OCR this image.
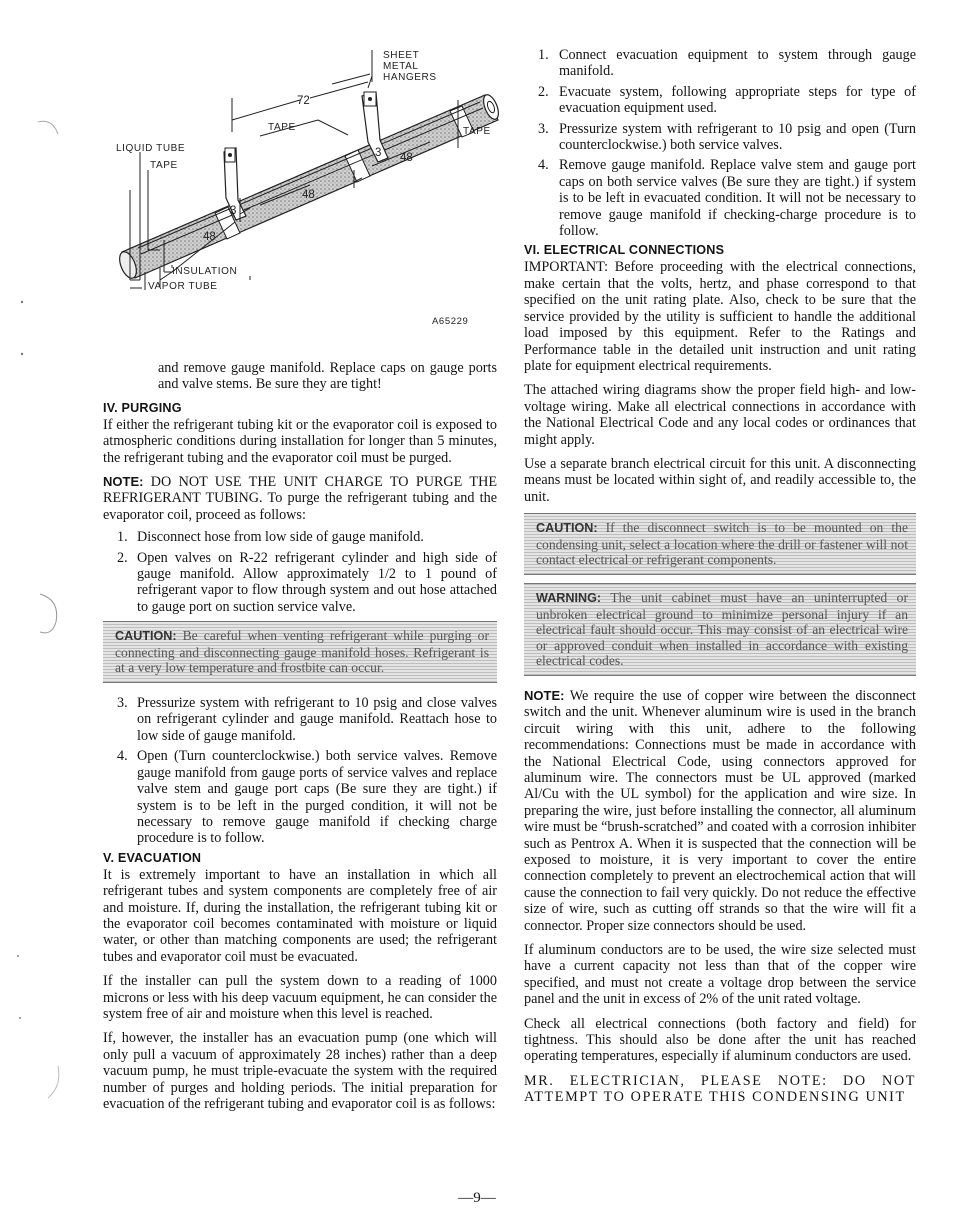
SHEET
METAL
HANGERS
72
TAPE	TAPE
LIQUID TUBE	3 48
TAPE
48
3
48
INSULATION
VAPOR TUBE
A65229
and remove gauge manifold. Replace caps on gauge ports and valve stems. Be sure they are tight!
IV. PURGING

If either the refrigerant tubing kit or the evaporator coil is exposed to atmospheric conditions during installation for longer than 5 minutes, the refrigerant tubing and the evaporator coil must be purged.

NOTE: DO NOT USE THE UNIT CHARGE TO PURGE THE REFRIGERANT TUBING. To purge the refrigerant tubing and the evaporator coil, proceed as follows:

1. Disconnect hose from low side of gauge manifold.
2. Open valves on R-22 refrigerant cylinder and high side of gauge manifold. Allow approximately 1/2 to 1 pound of refrigerant vapor to flow through system and out hose attached to gauge port on suction service valve.
CAUTION: Be careful when venting refrigerant while purging or connecting and disconnecting gauge manifold hoses. Refrigerant is at a very low temperature and frostbite can occur.
3. Pressurize system with refrigerant to 10 psig and close valves on refrigerant cylinder and gauge manifold. Reattach hose to low side of gauge manifold.
4. Open (Turn counterclockwise.) both service valves. Remove gauge manifold from gauge ports of service valves and replace valve stem and gauge port caps (Be sure they are tight.) if system is to be left in the purged condition, it will not be necessary to remove gauge manifold if checking charge procedure is to follow.
V. EVACUATION

It is extremely important to have an installation in which all refrigerant tubes and system components are completely free of air and moisture. If, during the installation, the refrigerant tubing kit or the evaporator coil becomes contaminated with moisture or liquid water, or other than matching components are used; the refrigerant tubes and evaporator coil must be evacuated.

If the installer can pull the system down to a reading of 1000 microns or less with his deep vacuum equipment, he can consider the system free of air and moisture when this level is reached.

If, however, the installer has an evacuation pump (one which will only pull a vacuum of approximately 28 inches) rather than a deep vacuum pump, he must triple-evacuate the system with the required number of purges and holding periods. The initial preparation for evacuation of the refrigerant tubing and evaporator coil is as follows:

1. Connect evacuation equipment to system through gauge manifold.
2. Evacuate system, following appropriate steps for type of evacuation equipment used.
3. Pressurize system with refrigerant to 10 psig and open (Turn counterclockwise.) both service valves.
4. Remove gauge manifold. Replace valve stem and gauge port caps on both service valves (Be sure they are tight.) if system is to be left in evacuated condition. It will not be necessary to remove gauge manifold if checking-charge procedure is to follow.
VI. ELECTRICAL CONNECTIONS

IMPORTANT: Before proceeding with the electrical connections, make certain that the volts, hertz, and phase correspond to that specified on the unit rating plate. Also, check to be sure that the service provided by the utility is sufficient to handle the additional load imposed by this equipment. Refer to the Ratings and Performance table in the detailed unit instruction and unit rating plate for equipment electrical requirements.

The attached wiring diagrams show the proper field high- and low-voltage wiring. Make all electrical connections in accordance with the National Electrical Code and any local codes or ordinances that might apply.

Use a separate branch electrical circuit for this unit. A disconnecting means must be located within sight of, and readily accessible to, the unit.

CAUTION: If the disconnect switch is to be mounted on the condensing unit, select a location where the drill or fastener will not contact electrical or refrigerant components.
WARNING: The unit cabinet must have an uninterrupted or unbroken electrical ground to minimize personal injury if an electrical fault should occur. This may consist of an electrical wire or approved conduit when installed in accordance with existing electrical codes.

NOTE: We require the use of copper wire between the disconnect switch and the unit. Whenever aluminum wire is used in the branch circuit wiring with this unit, adhere to the following recommendations: Connections must be made in accordance with the National Electrical Code, using connectors approved for aluminum wire. The connectors must be UL approved (marked Al/Cu with the UL symbol) for the application and wire size. In preparing the wire, just before installing the connector, all aluminum wire must be “brush-scratched” and coated with a corrosion inhibiter such as Pentrox A. When it is suspected that the connection will be exposed to moisture, it is very important to cover the entire connection completely to prevent an electrochemical action that will cause the connection to fail very quickly. Do not reduce the effective size of wire, such as cutting off strands so that the wire will fit a connector. Proper size connectors should be used.

If aluminum conductors are to be used, the wire size selected must have a current capacity not less than that of the copper wire specified, and must not create a voltage drop between the service panel and the unit in excess of 2% of the unit rated voltage.

Check all electrical connections (both factory and field) for tightness. This should also be done after the unit has reached operating temperatures, especially if aluminum conductors are used.

MR. ELECTRICIAN, PLEASE NOTE: DO NOT ATTEMPT TO OPERATE THIS CONDENSING UNIT

—9—
